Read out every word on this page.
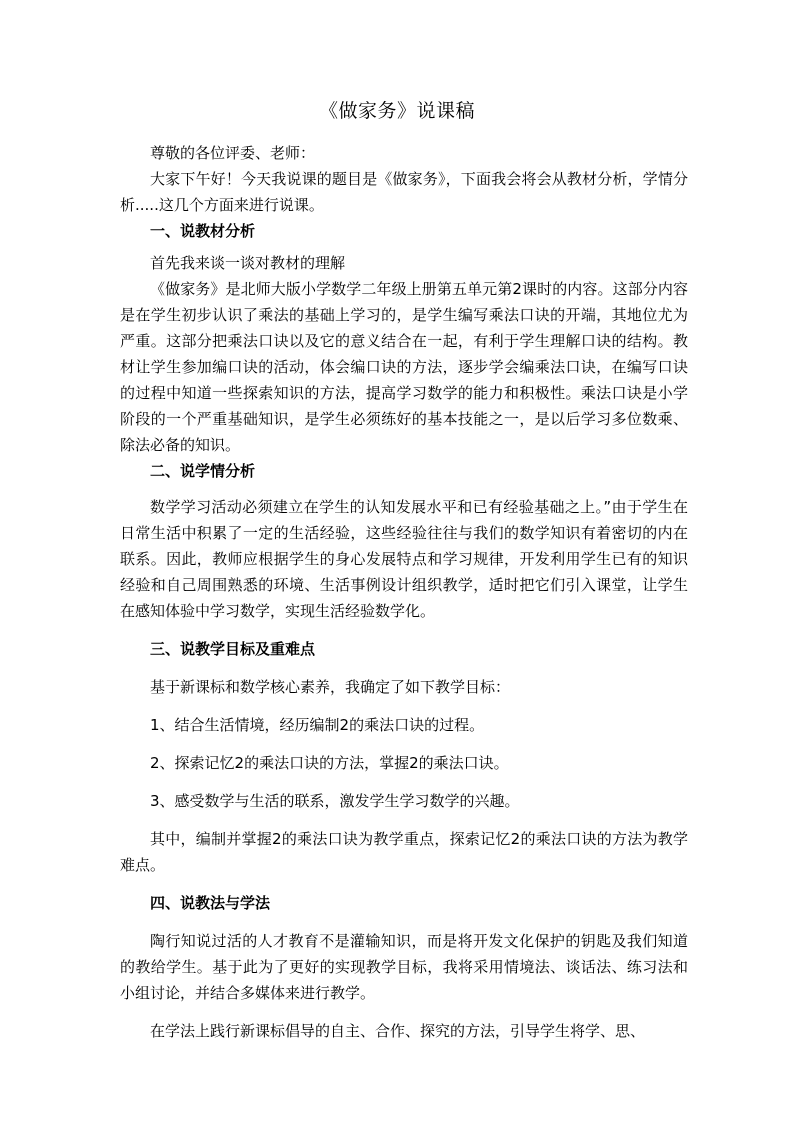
《做家务》说课稿

尊敬的各位评委、老师：

大家下午好！今天我说课的题目是《做家务》，下面我会将会从教材分析，学情分析.....这几个方面来进行说课。

一、说教材分析

首先我来谈一谈对教材的理解

《做家务》是北师大版小学数学二年级上册第五单元第2课时的内容。这部分内容是在学生初步认识了乘法的基础上学习的，是学生编写乘法口诀的开端，其地位尤为严重。这部分把乘法口诀以及它的意义结合在一起，有利于学生理解口诀的结构。教材让学生参加编口诀的活动，体会编口诀的方法，逐步学会编乘法口诀，在编写口诀的过程中知道一些探索知识的方法，提高学习数学的能力和积极性。乘法口诀是小学阶段的一个严重基础知识，是学生必须练好的基本技能之一，是以后学习多位数乘、除法必备的知识。

二、说学情分析

数学学习活动必须建立在学生的认知发展水平和已有经验基础之上。”由于学生在日常生活中积累了一定的生活经验，这些经验往往与我们的数学知识有着密切的内在联系。因此，教师应根据学生的身心发展特点和学习规律，开发利用学生已有的知识经验和自己周围熟悉的环境、生活事例设计组织教学，适时把它们引入课堂，让学生在感知体验中学习数学，实现生活经验数学化。

三、说教学目标及重难点

基于新课标和数学核心素养，我确定了如下教学目标：

1、结合生活情境，经历编制2的乘法口诀的过程。

2、探索记忆2的乘法口诀的方法，掌握2的乘法口诀。

3、感受数学与生活的联系，激发学生学习数学的兴趣。

其中，编制并掌握2的乘法口诀为教学重点，探索记忆2的乘法口诀的方法为教学难点。

四、说教法与学法

陶行知说过活的人才教育不是灌输知识，而是将开发文化保护的钥匙及我们知道的教给学生。基于此为了更好的实现教学目标，我将采用情境法、谈话法、练习法和小组讨论，并结合多媒体来进行教学。

在学法上践行新课标倡导的自主、合作、探究的方法，引导学生将学、思、
